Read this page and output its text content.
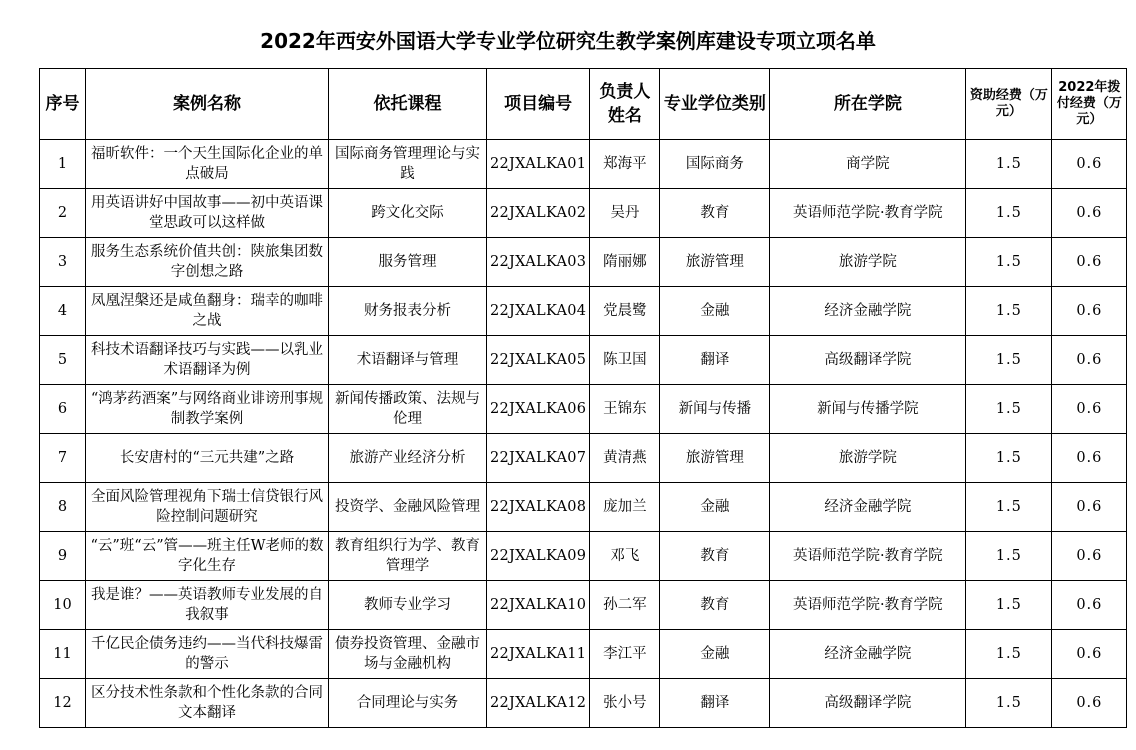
2022年西安外国语大学专业学位研究生教学案例库建设专项立项名单
序号	案例名称	依托课程	项目编号	负责人姓名	专业学位类别	所在学院	资助经费（万元）	2022年拨付经费（万元）
1	福昕软件：一个天生国际化企业的单点破局	国际商务管理理论与实践	22JXALKA01	郑海平	国际商务	商学院	1.5	0.6
2	用英语讲好中国故事——初中英语课堂思政可以这样做	跨文化交际	22JXALKA02	吴丹	教育	英语师范学院·教育学院	1.5	0.6
3	服务生态系统价值共创：陕旅集团数字创想之路	服务管理	22JXALKA03	隋丽娜	旅游管理	旅游学院	1.5	0.6
4	凤凰涅槃还是咸鱼翻身：瑞幸的咖啡之战	财务报表分析	22JXALKA04	党晨鹭	金融	经济金融学院	1.5	0.6
5	科技术语翻译技巧与实践——以乳业术语翻译为例	术语翻译与管理	22JXALKA05	陈卫国	翻译	高级翻译学院	1.5	0.6
6	“鸿茅药酒案”与网络商业诽谤刑事规制教学案例	新闻传播政策、法规与伦理	22JXALKA06	王锦东	新闻与传播	新闻与传播学院	1.5	0.6
7	长安唐村的“三元共建”之路	旅游产业经济分析	22JXALKA07	黄清燕	旅游管理	旅游学院	1.5	0.6
8	全面风险管理视角下瑞士信贷银行风险控制问题研究	投资学、金融风险管理	22JXALKA08	庞加兰	金融	经济金融学院	1.5	0.6
9	“云”班“云”管——班主任W老师的数字化生存	教育组织行为学、教育管理学	22JXALKA09	邓飞	教育	英语师范学院·教育学院	1.5	0.6
10	我是谁？——英语教师专业发展的自我叙事	教师专业学习	22JXALKA10	孙二军	教育	英语师范学院·教育学院	1.5	0.6
11	千亿民企债务违约——当代科技爆雷的警示	债券投资管理、金融市场与金融机构	22JXALKA11	李江平	金融	经济金融学院	1.5	0.6
12	区分技术性条款和个性化条款的合同文本翻译	合同理论与实务	22JXALKA12	张小号	翻译	高级翻译学院	1.5	0.6
